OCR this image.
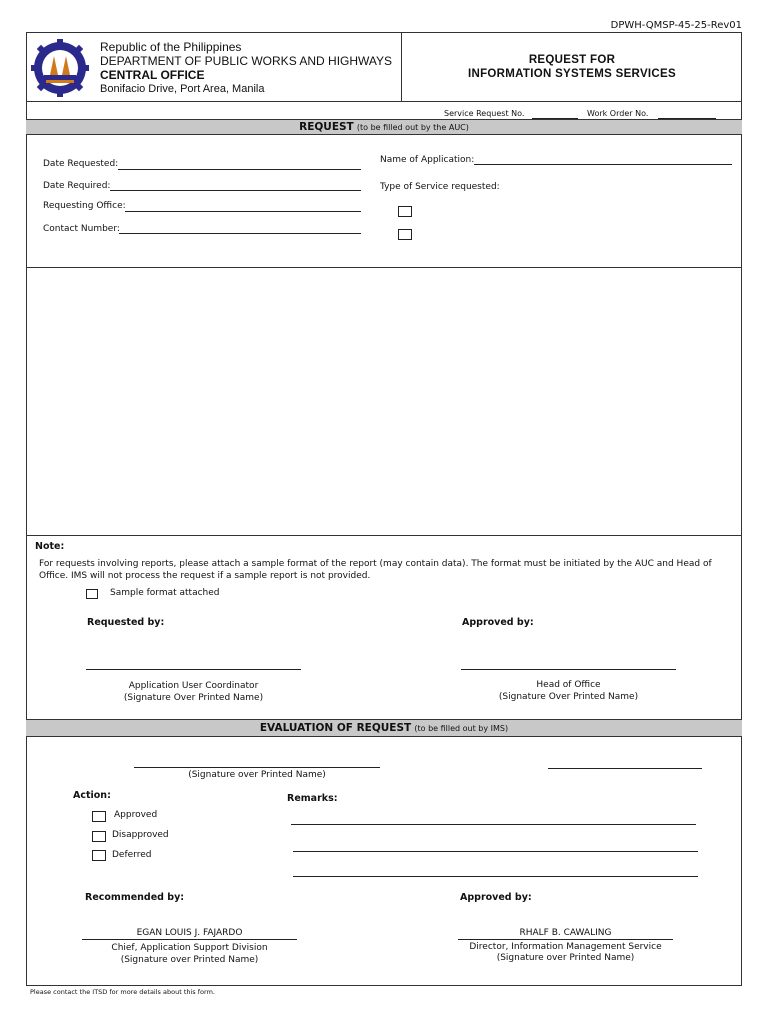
DPWH-QMSP-45-25-Rev01
Republic of the Philippines
DEPARTMENT OF PUBLIC WORKS AND HIGHWAYS
CENTRAL OFFICE
Bonifacio Drive, Port Area, Manila
REQUEST FOR
INFORMATION SYSTEMS SERVICES
Service Request No.	Work Order No.
REQUEST (to be filled out by the AUC)
Date Requested:
Date Required:
Requesting Office:
Contact Number:
Name of Application:
Type of Service requested:
Note:
For requests involving reports, please attach a sample format of the report (may contain data). The format must be initiated by the AUC and Head of Office. IMS will not process the request if a sample report is not provided.
Sample format attached
Requested by:	Approved by:
Application User Coordinator
(Signature Over Printed Name)
Head of Office
(Signature Over Printed Name)
EVALUATION OF REQUEST (to be filled out by IMS)
(Signature over Printed Name)
Action:	Remarks:
Approved
Disapproved
Deferred
Recommended by:	Approved by:
EGAN LOUIS J. FAJARDO
Chief, Application Support Division
(Signature over Printed Name)
RHALF B. CAWALING
Director, Information Management Service
(Signature over Printed Name)
Please contact the ITSD for more details about this form.
